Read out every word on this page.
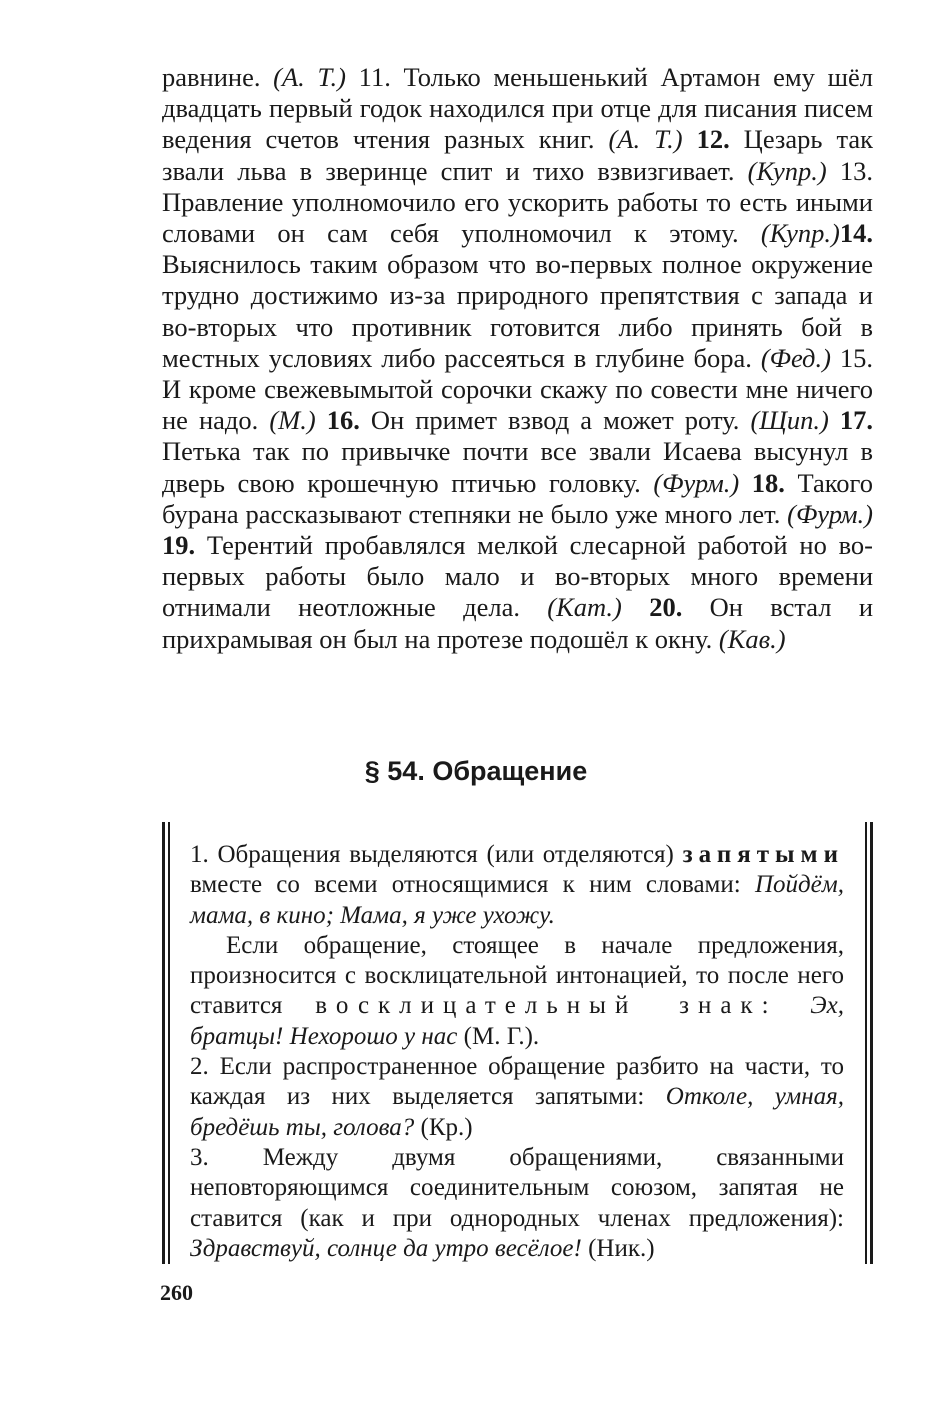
равнине. (А. Т.) 11. Только меньшенький Артамон ему шёл двадцать первый годок находился при отце для писания писем ведения счетов чтения разных книг. (А. Т.) 12. Цезарь так звали льва в зверинце спит и тихо взвизгивает. (Купр.) 13. Правление уполномочило его ускорить работы то есть иными словами он сам себя уполномочил к этому. (Купр.)14. Выяснилось таким образом что во-первых полное окружение трудно достижимо из-за природного препятствия с запада и во-вторых что противник готовится либо принять бой в местных условиях либо рассеяться в глубине бора. (Фед.) 15. И кроме свежевымытой сорочки скажу по совести мне ничего не надо. (М.) 16. Он примет взвод а может роту. (Щип.) 17. Петька так по привычке почти все звали Исаева высунул в дверь свою крошечную птичью головку. (Фурм.) 18. Такого бурана рассказывают степняки не было уже много лет. (Фурм.) 19. Терентий пробавлялся мелкой слесарной работой но во-первых работы было мало и во-вторых много времени отнимали неотложные дела. (Кат.) 20. Он встал и прихрамывая он был на протезе подошёл к окну. (Кав.)
§ 54. Обращение

1. Обращения выделяются (или отделяются) запятыми вместе со всеми относящимися к ним словами: Пойдём, мама, в кино; Мама, я уже ухожу.

Если обращение, стоящее в начале предложения, произносится с восклицательной интонацией, то после него ставится восклицательный знак: Эх, братцы! Нехорошо у нас (М. Г.).

2. Если распространенное обращение разбито на части, то каждая из них выделяется запятыми: Отколе, умная, бредёшь ты, голова? (Кр.)

3. Между двумя обращениями, связанными неповторяющимся соединительным союзом, запятая не ставится (как и при однородных членах предложения): Здравствуй, солнце да утро весёлое! (Ник.)

260
